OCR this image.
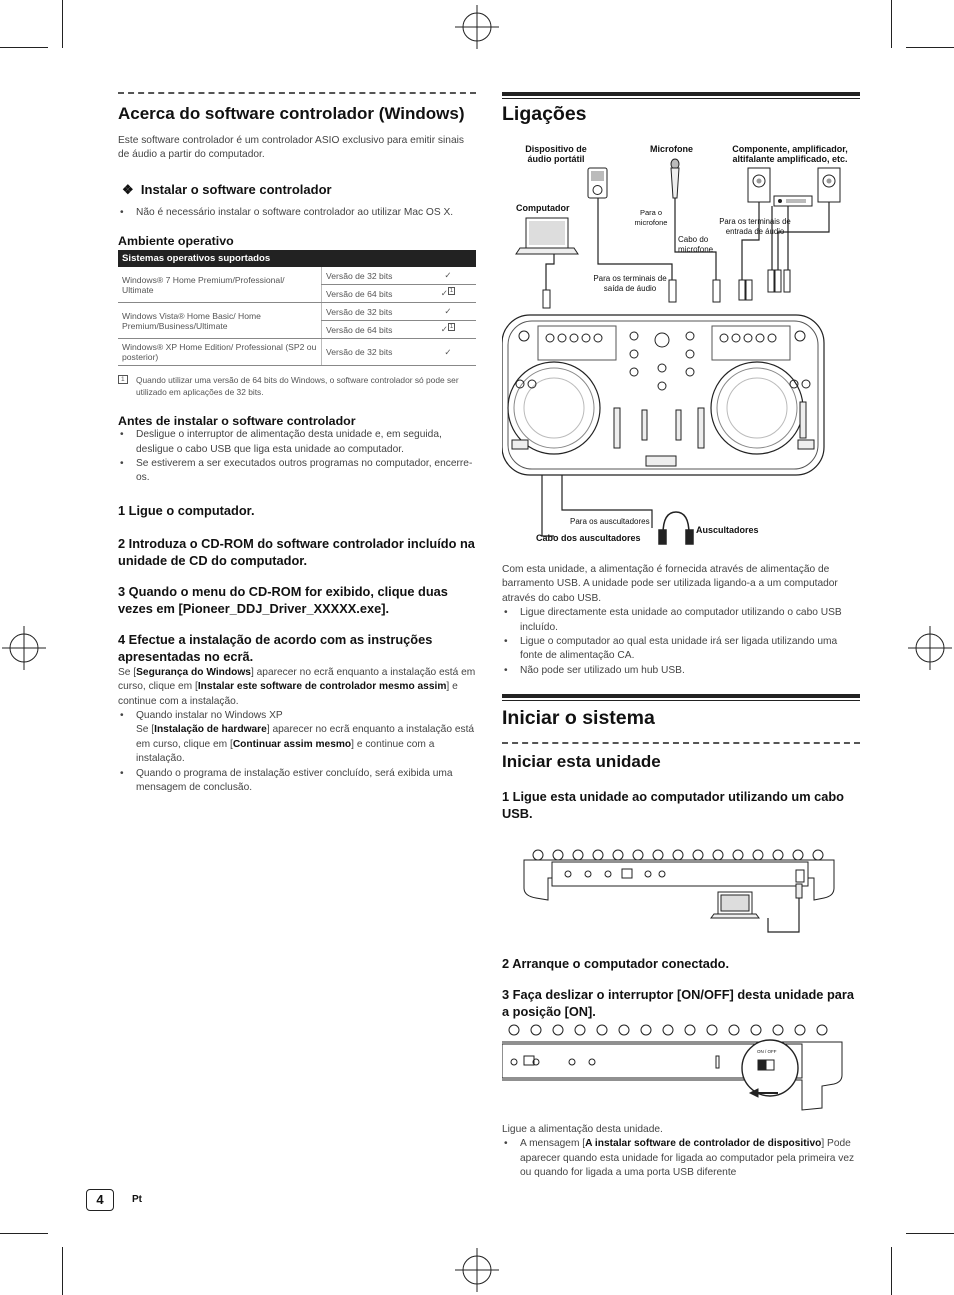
Acerca do software controlador (Windows)
Este software controlador é um controlador ASIO exclusivo para emitir sinais de áudio a partir do computador.
❖ Instalar o software controlador
• Não é necessário instalar o software controlador ao utilizar Mac OS X.
Ambiente operativo
Sistemas operativos suportados		
Windows® 7 Home Premium/Professional/ Ultimate	Versão de 32 bits	✓
	Versão de 64 bits	✓ $^1$
Windows Vista® Home Basic/ Home Premium/Business/Ultimate	Versão de 32 bits	✓
	Versão de 64 bits	✓ $^1$
Windows® XP Home Edition/ Professional (SP2 ou posterior)	Versão de 32 bits	✓
1	Quando utilizar uma versão de 64 bits do Windows, o software controlador só pode ser utilizado em aplicações de 32 bits.
Antes de instalar o software controlador
• Desligue o interruptor de alimentação desta unidade e, em seguida, desligue o cabo USB que liga esta unidade ao computador.
• Se estiverem a ser executados outros programas no computador, encerre-os.
1 Ligue o computador.
2 Introduza o CD-ROM do software controlador incluído na unidade de CD do computador.
3 Quando o menu do CD-ROM for exibido, clique duas vezes em [Pioneer_DDJ_Driver_XXXXX.exe].
4 Efectue a instalação de acordo com as instruções apresentadas no ecrã.
Se [Segurança do Windows] aparecer no ecrã enquanto a instalação está em curso, clique em [Instalar este software de controlador mesmo assim] e continue com a instalação.
• Quando instalar no Windows XP
Se [Instalação de hardware] aparecer no ecrã enquanto a instalação está em curso, clique em [Continuar assim mesmo] e continue com a instalação.
• Quando o programa de instalação estiver concluído, será exibida uma mensagem de conclusão.
Ligações
Dispositivo de áudio portátil
Microfone	Componente, amplificador, altifalante amplificado, etc.
Computador	Para o microfone
Cabo do microfone
Para os terminais de entrada de áudio
Para os terminais de saída de áudio
Para os auscultadores
Cabo dos auscultadores
Auscultadores
Com esta unidade, a alimentação é fornecida através de alimentação de barramento USB. A unidade pode ser utilizada ligando-a a um computador através do cabo USB.
• Ligue directamente esta unidade ao computador utilizando o cabo USB incluído.
• Ligue o computador ao qual esta unidade irá ser ligada utilizando uma fonte de alimentação CA.
• Não pode ser utilizado um hub USB.
Iniciar o sistema
Iniciar esta unidade
1 Ligue esta unidade ao computador utilizando um cabo USB.
2 Arranque o computador conectado.
3 Faça deslizar o interruptor [ON/OFF] desta unidade para a posição [ON].
ON / OFF
Ligue a alimentação desta unidade.
• A mensagem [A instalar software de controlador de dispositivo] Pode aparecer quando esta unidade for ligada ao computador pela primeira vez ou quando for ligada a uma porta USB diferente
4	Pt
